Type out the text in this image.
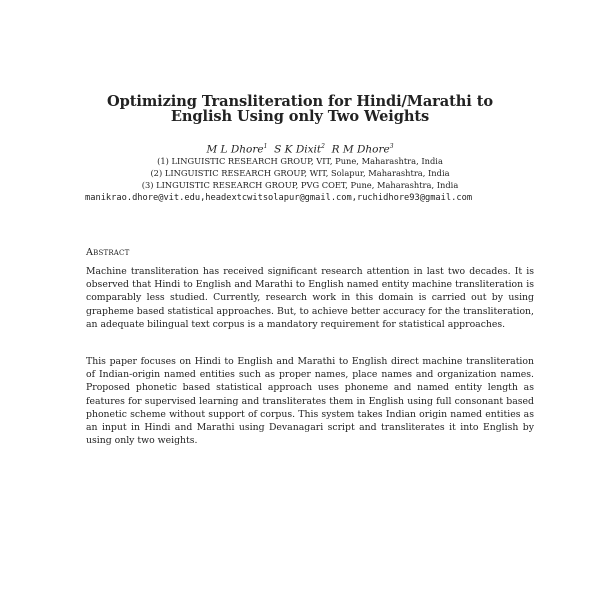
Optimizing Transliteration for Hindi/Marathi to
English Using only Two Weights
M L Dhore$^1$ S K Dixit$^2$ R M Dhore$^3$
(1) LINGUISTIC RESEARCH GROUP, VIT, Pune, Maharashtra, India
(2) LINGUISTIC RESEARCH GROUP, WIT, Solapur, Maharashtra, India
(3) LINGUISTIC RESEARCH GROUP, PVG COET, Pune, Maharashtra, India
manikrao.dhore@vit.edu,headextcwitsolapur@gmail.com,ruchidhore93@gmail.com
Abstract

Machine transliteration has received significant research attention in last two decades. It is observed that Hindi to English and Marathi to English named entity machine transliteration is comparably less studied. Currently, research work in this domain is carried out by using grapheme based statistical approaches. But, to achieve better accuracy for the transliteration, an adequate bilingual text corpus is a mandatory requirement for statistical approaches.

This paper focuses on Hindi to English and Marathi to English direct machine transliteration of Indian-origin named entities such as proper names, place names and organization names. Proposed phonetic based statistical approach uses phoneme and named entity length as features for supervised learning and transliterates them in English using full consonant based phonetic scheme without support of corpus. This system takes Indian origin named entities as an input in Hindi and Marathi using Devanagari script and transliterates it into English by using only two weights.
